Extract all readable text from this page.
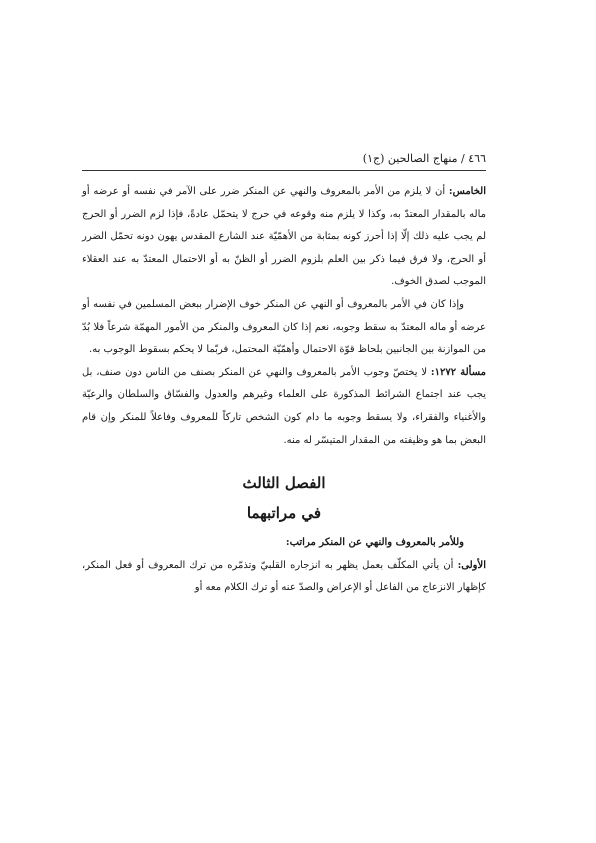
٤٦٦ / منهاج الصالحين (ج١)

الخامس: أن لا يلزم من الأمر بالمعروف والنهي عن المنكر ضرر على الآمر في نفسه أو عرضه أو ماله بالمقدار المعتدّ به، وكذا لا يلزم منه وقوعه في حرج لا يتحمّل عادةً، فإذا لزم الضرر أو الحرج لم يجب عليه ذلك إلّا إذا أحرز كونه بمثابة من الأهمّيّة عند الشارع المقدس يهون دونه تحمّل الضرر أو الحرج، ولا فرق فيما ذكر بين العلم بلزوم الضرر أو الظنّ به أو الاحتمال المعتدّ به عند العقلاء الموجب لصدق الخوف.

وإذا كان في الأمر بالمعروف أو النهي عن المنكر خوف الإضرار ببعض المسلمين في نفسه أو عرضه أو ماله المعتدّ به سقط وجوبه، نعم إذا كان المعروف والمنكر من الأمور المهمّة شرعاً فلا بُدّ من الموازنة بين الجانبين بلحاظ قوّة الاحتمال وأهمّيّة المحتمل، فربّما لا يحكم بسقوط الوجوب به.

مسألة ١٢٧٢: لا يختصّ وجوب الأمر بالمعروف والنهي عن المنكر بصنف من الناس دون صنف، بل يجب عند اجتماع الشرائط المذكورة على العلماء وغيرهم والعدول والفسّاق والسلطان والرعيّة والأغنياء والفقراء، ولا يسقط وجوبه ما دام كون الشخص تاركاً للمعروف وفاعلاً للمنكر وإن قام البعض بما هو وظيفته من المقدار المتيسّر له منه.

الفصل الثالث
في مراتبهما

وللأمر بالمعروف والنهي عن المنكر مراتب:

الأولى: أن يأتي المكلّف بعمل يظهر به انزجاره القلبيّ وتذمّره من ترك المعروف أو فعل المنكر، كإظهار الانزعاج من الفاعل أو الإعراض والصدّ عنه أو ترك الكلام معه أو
